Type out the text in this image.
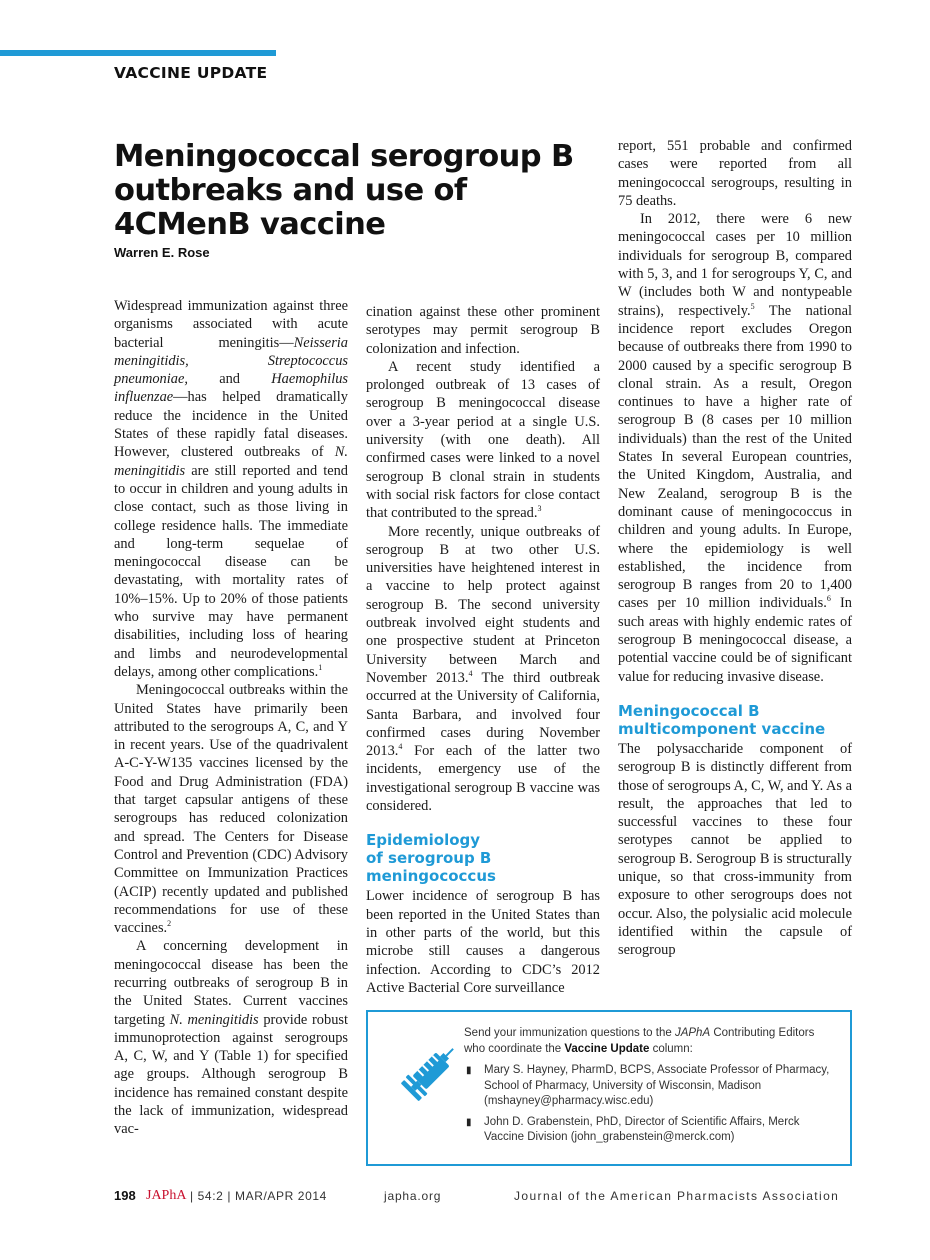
VACCINE UPDATE
Meningococcal serogroup B outbreaks and use of 4CMenB vaccine
Warren E. Rose

Widespread immunization against three organisms associated with acute bacterial meningitis—Neisseria meningitidis, Streptococcus pneumoniae, and Haemophilus influenzae—has helped dramatically reduce the incidence in the United States of these rapidly fatal diseases. However, clustered outbreaks of N. meningitidis are still reported and tend to occur in children and young adults in close contact, such as those living in college residence halls. The immediate and long-term sequelae of meningococcal disease can be devastating, with mortality rates of 10%–15%. Up to 20% of those patients who survive may have permanent disabilities, including loss of hearing and limbs and neurodevelopmental delays, among other complications.$^1$

Meningococcal outbreaks within the United States have primarily been attributed to the serogroups A, C, and Y in recent years. Use of the quadrivalent A-C-Y-W135 vaccines licensed by the Food and Drug Administration (FDA) that target capsular antigens of these serogroups has reduced colonization and spread. The Centers for Disease Control and Prevention (CDC) Advisory Committee on Immunization Practices (ACIP) recently updated and published recommendations for use of these vaccines.$^2$

A concerning development in meningococcal disease has been the recurring outbreaks of serogroup B in the United States. Current vaccines targeting N. meningitidis provide robust immunoprotection against serogroups A, C, W, and Y (Table 1) for specified age groups. Although serogroup B incidence has remained constant despite the lack of immunization, widespread vac-

cination against these other prominent serotypes may permit serogroup B colonization and infection.

A recent study identified a prolonged outbreak of 13 cases of serogroup B meningococcal disease over a 3-year period at a single U.S. university (with one death). All confirmed cases were linked to a novel serogroup B clonal strain in students with social risk factors for close contact that contributed to the spread.$^3$

More recently, unique outbreaks of serogroup B at two other U.S. universities have heightened interest in a vaccine to help protect against serogroup B. The second university outbreak involved eight students and one prospective student at Princeton University between March and November 2013.$^4$ The third outbreak occurred at the University of California, Santa Barbara, and involved four confirmed cases during November 2013.$^4$ For each of the latter two incidents, emergency use of the investigational serogroup B vaccine was considered.

Epidemiology
of serogroup B
meningococcus

Lower incidence of serogroup B has been reported in the United States than in other parts of the world, but this microbe still causes a dangerous infection. According to CDC’s 2012 Active Bacterial Core surveillance

report, 551 probable and confirmed cases were reported from all meningococcal serogroups, resulting in 75 deaths.

In 2012, there were 6 new meningococcal cases per 10 million individuals for serogroup B, compared with 5, 3, and 1 for serogroups Y, C, and W (includes both W and nontypeable strains), respectively.$^5$ The national incidence report excludes Oregon because of outbreaks there from 1990 to 2000 caused by a specific serogroup B clonal strain. As a result, Oregon continues to have a higher rate of serogroup B (8 cases per 10 million individuals) than the rest of the United States In several European countries, the United Kingdom, Australia, and New Zealand, serogroup B is the dominant cause of meningococcus in children and young adults. In Europe, where the epidemiology is well established, the incidence from serogroup B ranges from 20 to 1,400 cases per 10 million individuals.$^6$ In such areas with highly endemic rates of serogroup B meningococcal disease, a potential vaccine could be of significant value for reducing invasive disease.

Meningococcal B
multicomponent vaccine

The polysaccharide component of serogroup B is distinctly different from those of serogroups A, C, W, and Y. As a result, the approaches that led to successful vaccines to these four serotypes cannot be applied to serogroup B. Serogroup B is structurally unique, so that cross-immunity from exposure to other serogroups does not occur. Also, the polysialic acid molecule identified within the capsule of serogroup

Send your immunization questions to the JAPhA Contributing Editors who coordinate the Vaccine Update column:
▮ Mary S. Hayney, PharmD, BCPS, Associate Professor of Pharmacy, School of Pharmacy, University of Wisconsin, Madison (mshayney@pharmacy.wisc.edu)
▮ John D. Grabenstein, PhD, Director of Scientific Affairs, Merck Vaccine Division (john_grabenstein@merck.com)
198 JAPhA | 54:2 | MAR/APR 2014	japha.org	Journal of the American Pharmacists Association
